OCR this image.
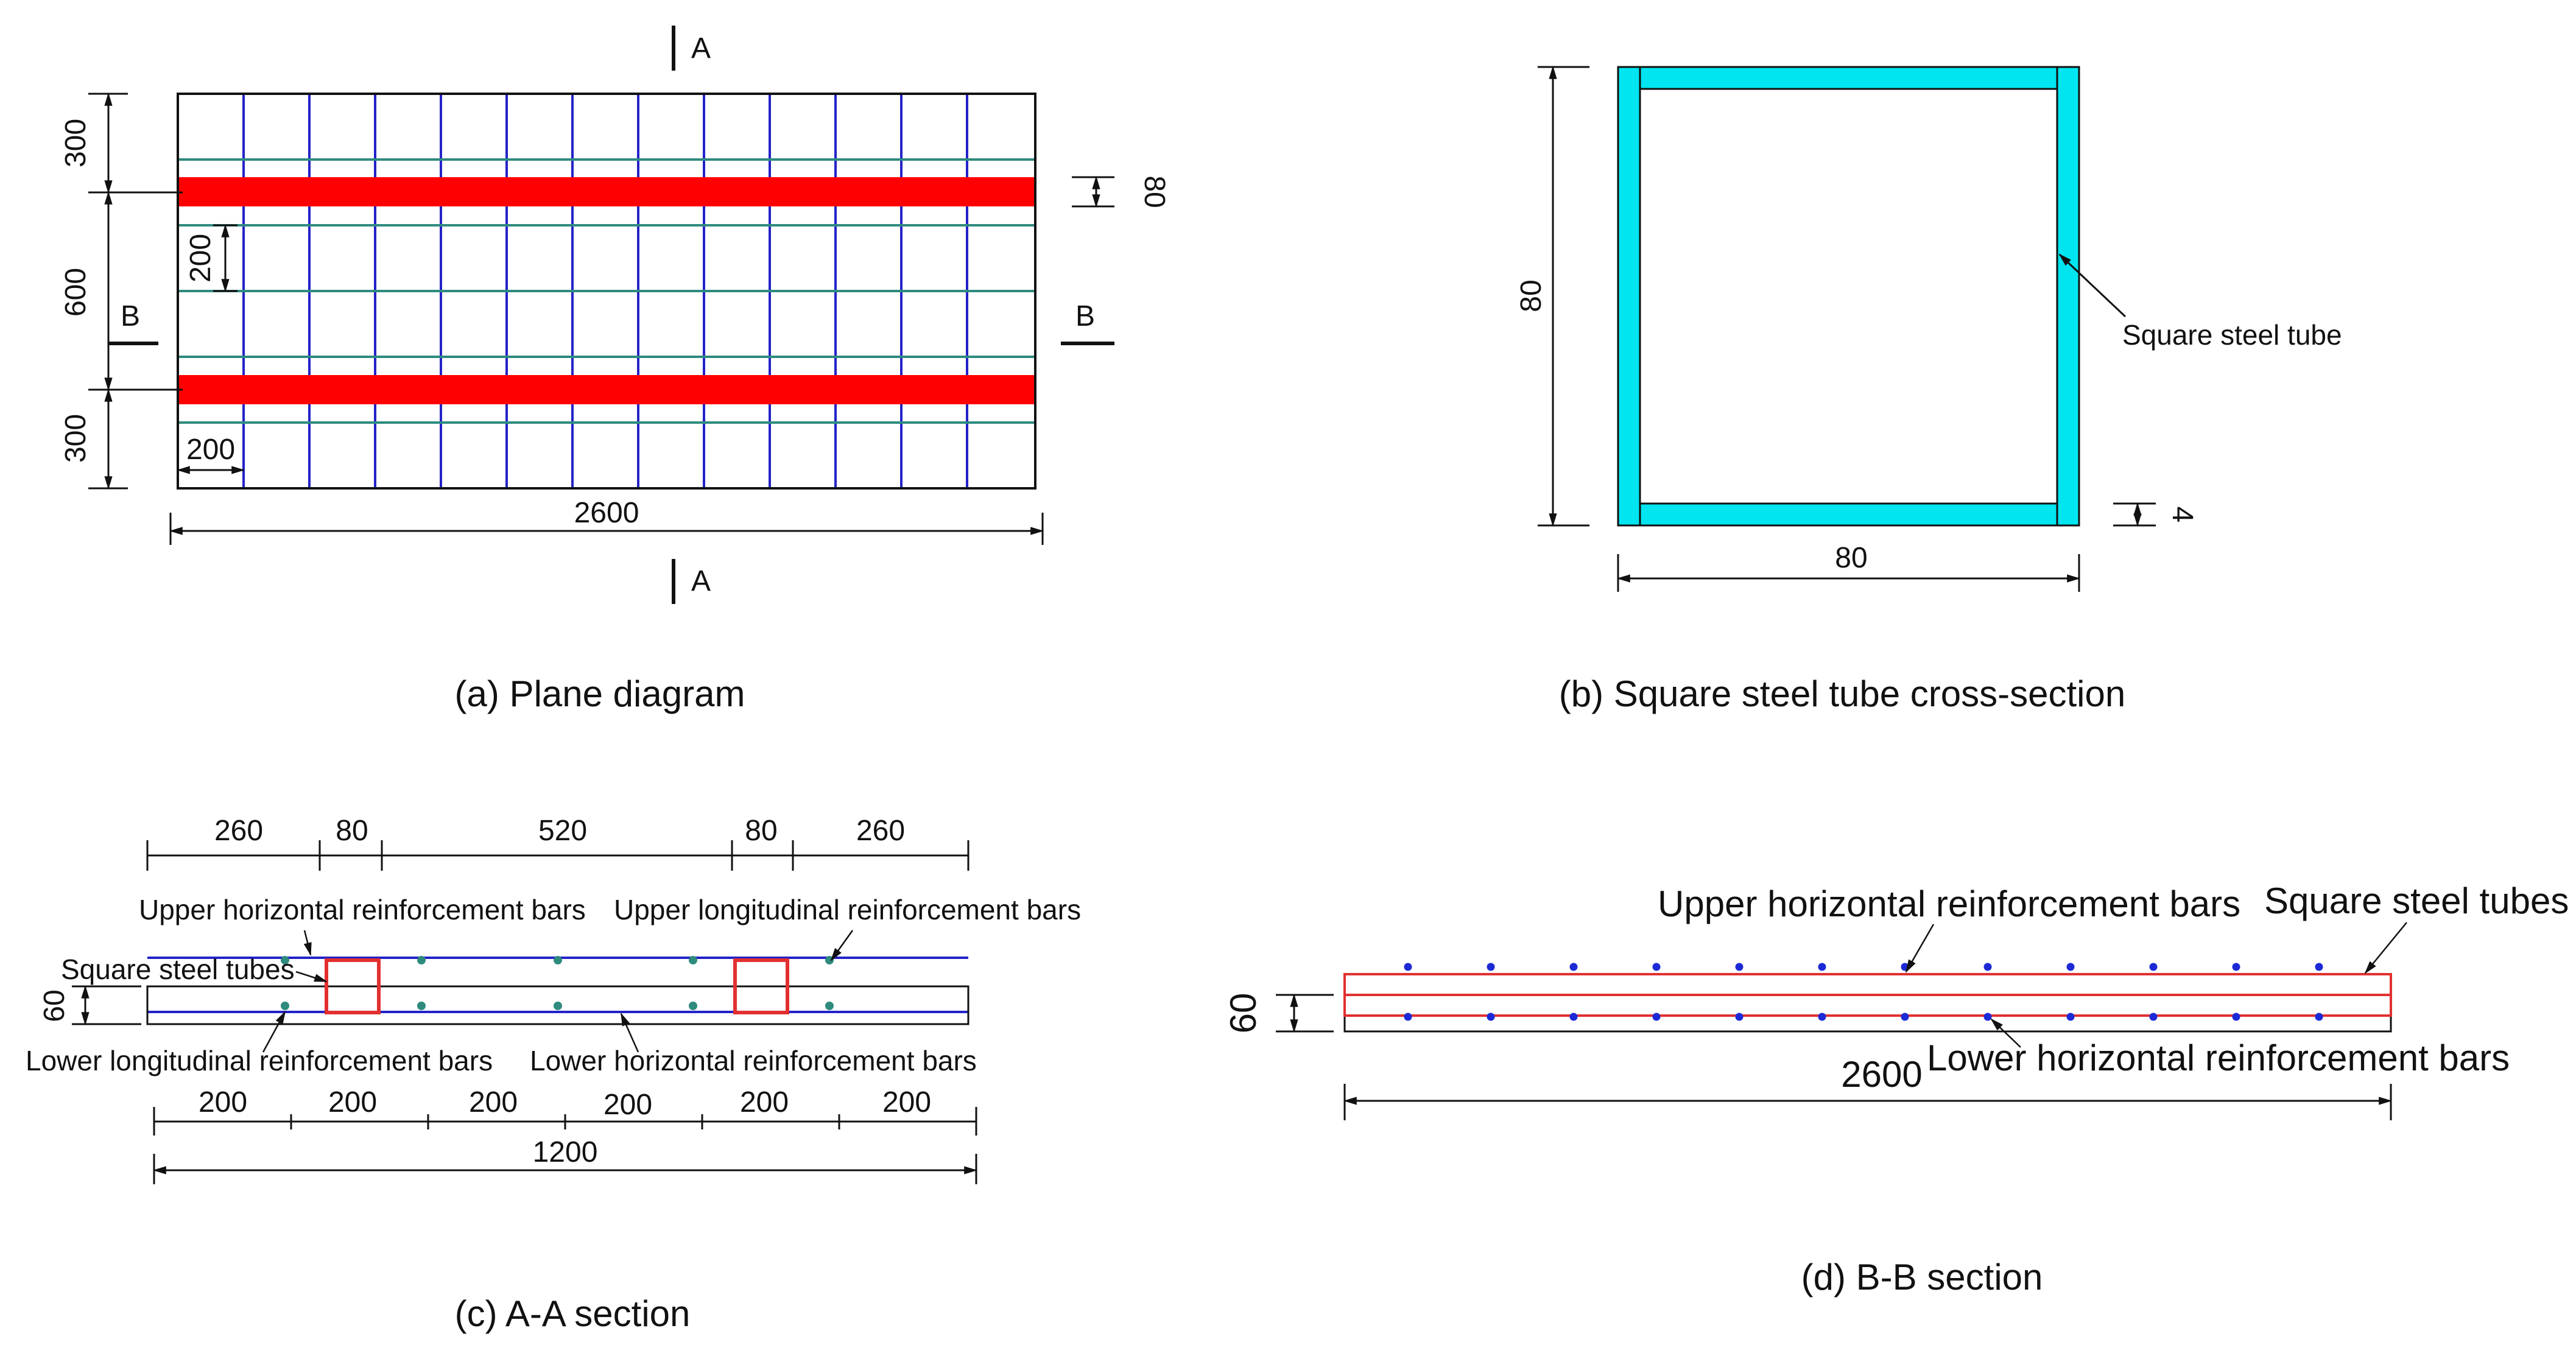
300
600
300
200
200
80
2600
A
A
B	B
(a) Plane diagram
80
80
4
Square steel tube
(b) Square steel tube cross-section
260 80	520	80	260
60
Upper horizontal reinforcement bars Upper longitudinal reinforcement bars
Square steel tubes
Lower longitudinal reinforcement bars Lower horizontal reinforcement bars
200	200	200	200	200	200
1200
(c) A-A section
60
2600
Upper horizontal reinforcement bars Square steel tubes
Lower horizontal reinforcement bars
(d) B-B section
